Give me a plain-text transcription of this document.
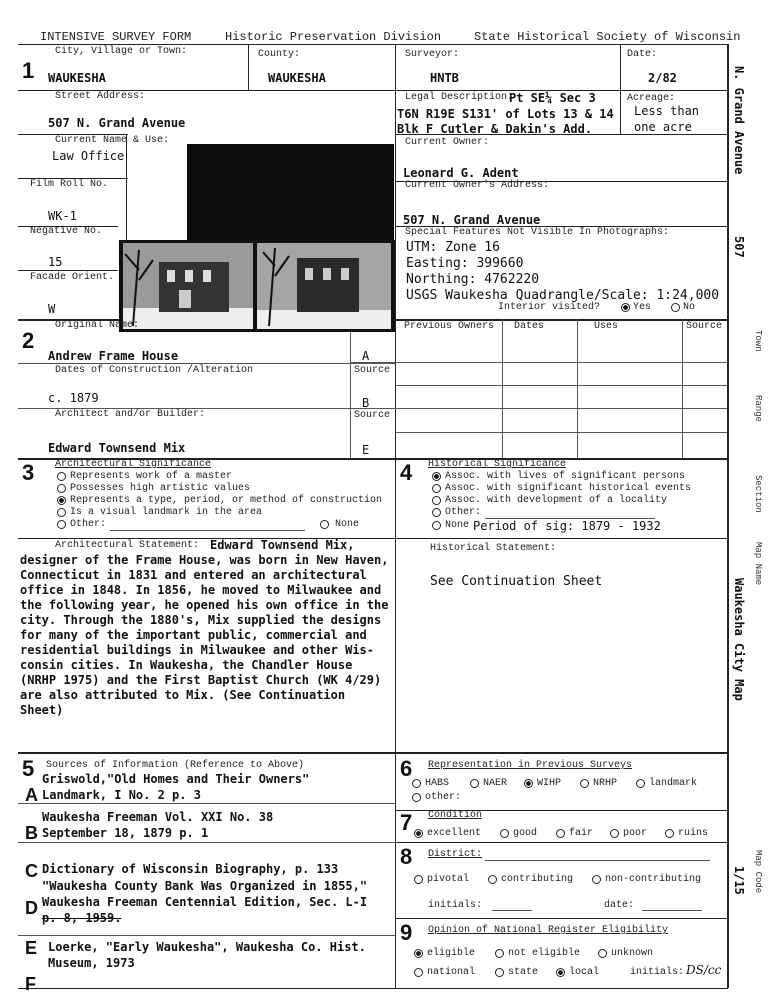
INTENSIVE SURVEY FORM	Historic Preservation Division	State Historical Society of Wisconsin
1
2
3	4
5	6
7
8
9
City, Village or Town:
WAUKESHA
County:
WAUKESHA
Surveyor:
HNTB
Date:
2/82
Street Address:
507 N. Grand Avenue
Legal Description:
Pt SE¼ Sec 3
T6N R19E S131' of Lots 13 & 14
Blk F Cutler & Dakin's Add.
Acreage:
Less than
one acre
Current Name & Use:
Law Office
Current Owner:
Leonard G. Adent
Current Owner's Address:
507 N. Grand Avenue
Film Roll No.
WK-1
Negative No.
15
Facade Orient.
W
Special Features Not Visible In Photographs:
UTM: Zone 16
Easting: 399660
Northing: 4762220
USGS Waukesha Quadrangle/Scale: 1:24,000
Interior visited?	Yes	No
N. Grand Avenue
507
Town
Range
Section
Map Name
Waukesha City Map
Map Code
1/15
Original Name:
Andrew Frame House	A
Dates of Construction /Alteration
c. 1879
Source
B
Architect and/or Builder:
Edward Townsend Mix
Source
E
Previous Owners Dates	Uses	Source
Architectural Significance
Represents work of a master
Possesses high artistic values
Represents a type, period, or method of construction
Is a visual landmark in the area
Other:	None
Historical Significance
Assoc. with lives of significant persons
Assoc. with significant historical events
Assoc. with development of a locality
Other:
None Period of sig: 1879 - 1932
Architectural Statement: Edward Townsend Mix,
designer of the Frame House, was born in New Haven,
Connecticut in 1831 and entered an architectural
office in 1848. In 1856, he moved to Milwaukee and
the following year, he opened his own office in the
city. Through the 1880's, Mix supplied the designs
for many of the important public, commercial and
residential buildings in Milwaukee and other Wis-
consin cities. In Waukesha, the Chandler House
(NRHP 1975) and the First Baptist Church (WK 4/29)
are also attributed to Mix. (See Continuation
Sheet)
Historical Statement:
See Continuation Sheet
Sources of Information (Reference to Above)
A
Griswold,"Old Homes and Their Owners"
Landmark, I No. 2 p. 3
B
Waukesha Freeman Vol. XXI No. 38
September 18, 1879 p. 1
C Dictionary of Wisconsin Biography, p. 133
D
"Waukesha County Bank Was Organized in 1855,"
Waukesha Freeman Centennial Edition, Sec. L-I
p. 8, 1959.
E Loerke, "Early Waukesha", Waukesha Co. Hist.
Museum, 1973
F
Representation in Previous Surveys
HABS	NAER	WIHP	NRHP	landmark
other:
Condition
excellent	good	fair	poor	ruins
District:
pivotal	contributing	non-contributing
initials:	date:
Opinion of National Register Eligibility
eligible	not eligible	unknown
national	state	local	initials: DS/cc
